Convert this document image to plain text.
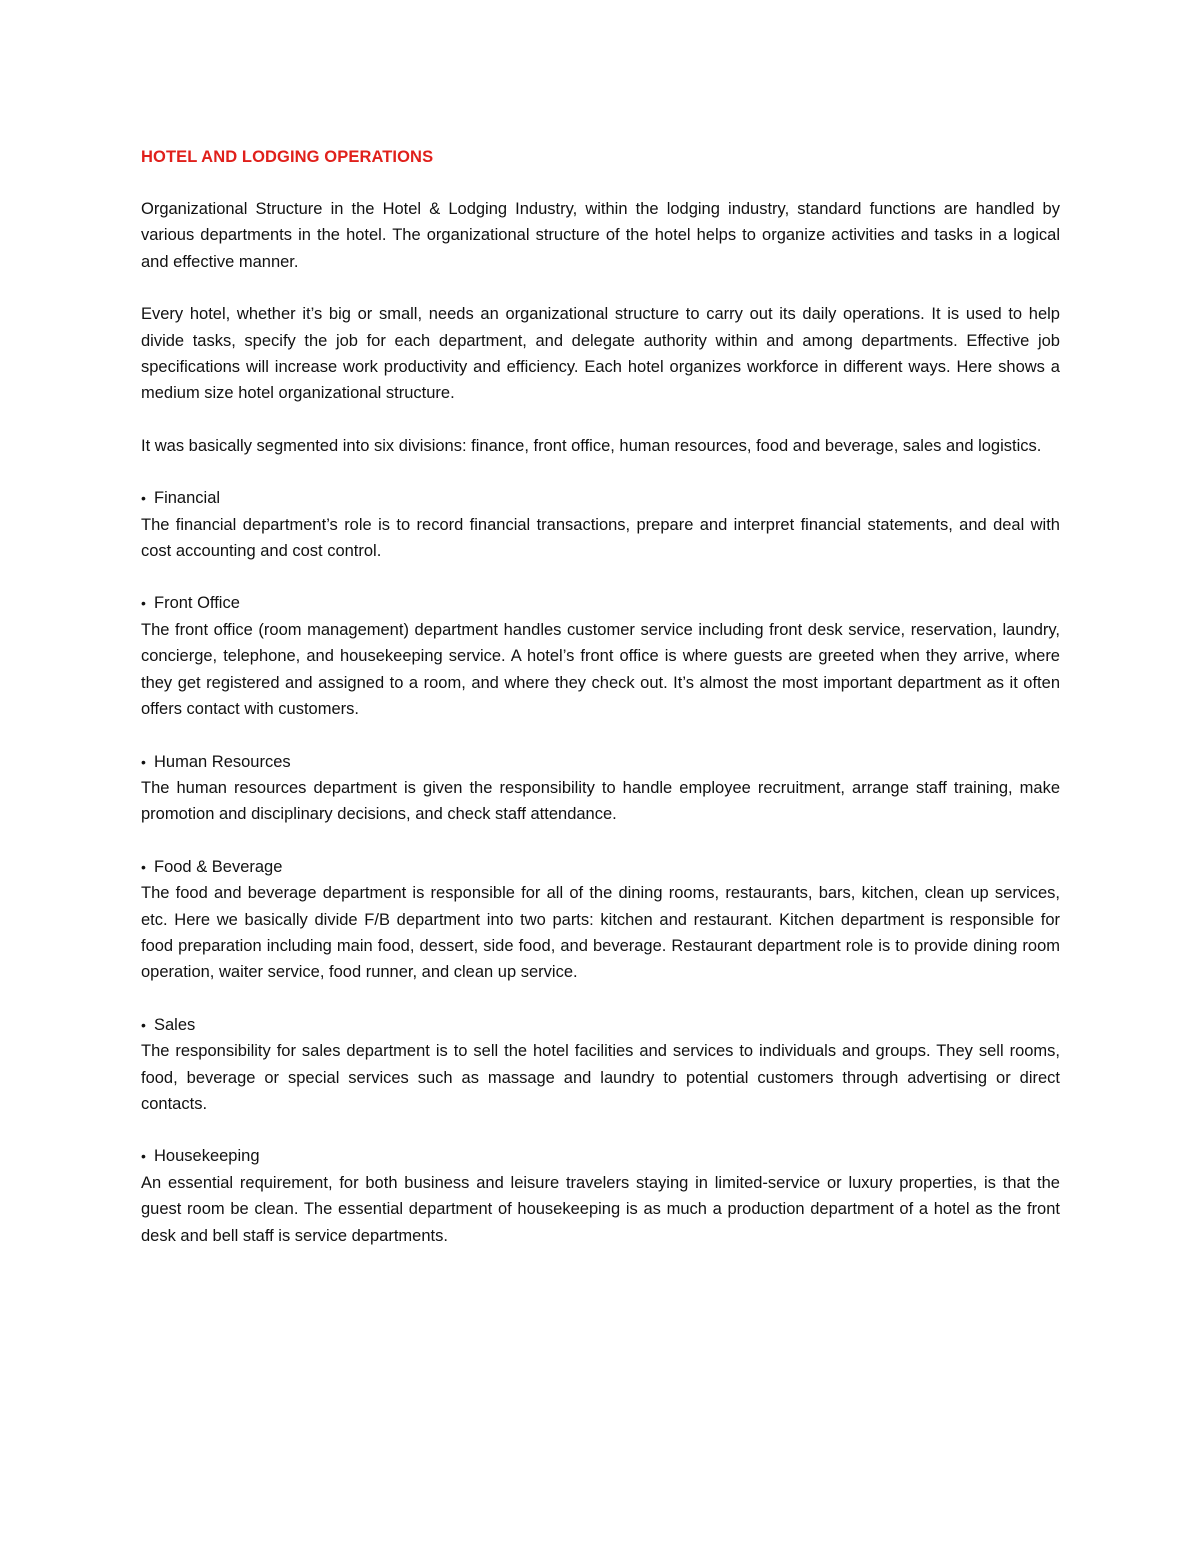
HOTEL AND LODGING OPERATIONS

Organizational Structure in the Hotel & Lodging Industry, within the lodging industry, standard functions are handled by various departments in the hotel. The organizational structure of the hotel helps to organize activities and tasks in a logical and effective manner.

Every hotel, whether it’s big or small, needs an organizational structure to carry out its daily operations. It is used to help divide tasks, specify the job for each department, and delegate authority within and among departments. Effective job specifications will increase work productivity and efficiency. Each hotel organizes workforce in different ways. Here shows a medium size hotel organizational structure.

It was basically segmented into six divisions: finance, front office, human resources, food and beverage, sales and logistics.

• Financial

The financial department’s role is to record financial transactions, prepare and interpret financial statements, and deal with cost accounting and cost control.

• Front Office

The front office (room management) department handles customer service including front desk service, reservation, laundry, concierge, telephone, and housekeeping service. A hotel’s front office is where guests are greeted when they arrive, where they get registered and assigned to a room, and where they check out. It’s almost the most important department as it often offers contact with customers.

• Human Resources

The human resources department is given the responsibility to handle employee recruitment, arrange staff training, make promotion and disciplinary decisions, and check staff attendance.

• Food & Beverage

The food and beverage department is responsible for all of the dining rooms, restaurants, bars, kitchen, clean up services, etc. Here we basically divide F/B department into two parts: kitchen and restaurant. Kitchen department is responsible for food preparation including main food, dessert, side food, and beverage. Restaurant department role is to provide dining room operation, waiter service, food runner, and clean up service.

• Sales

The responsibility for sales department is to sell the hotel facilities and services to individuals and groups. They sell rooms, food, beverage or special services such as massage and laundry to potential customers through advertising or direct contacts.

• Housekeeping

An essential requirement, for both business and leisure travelers staying in limited-service or luxury properties, is that the guest room be clean. The essential department of housekeeping is as much a production department of a hotel as the front desk and bell staff is service departments.
